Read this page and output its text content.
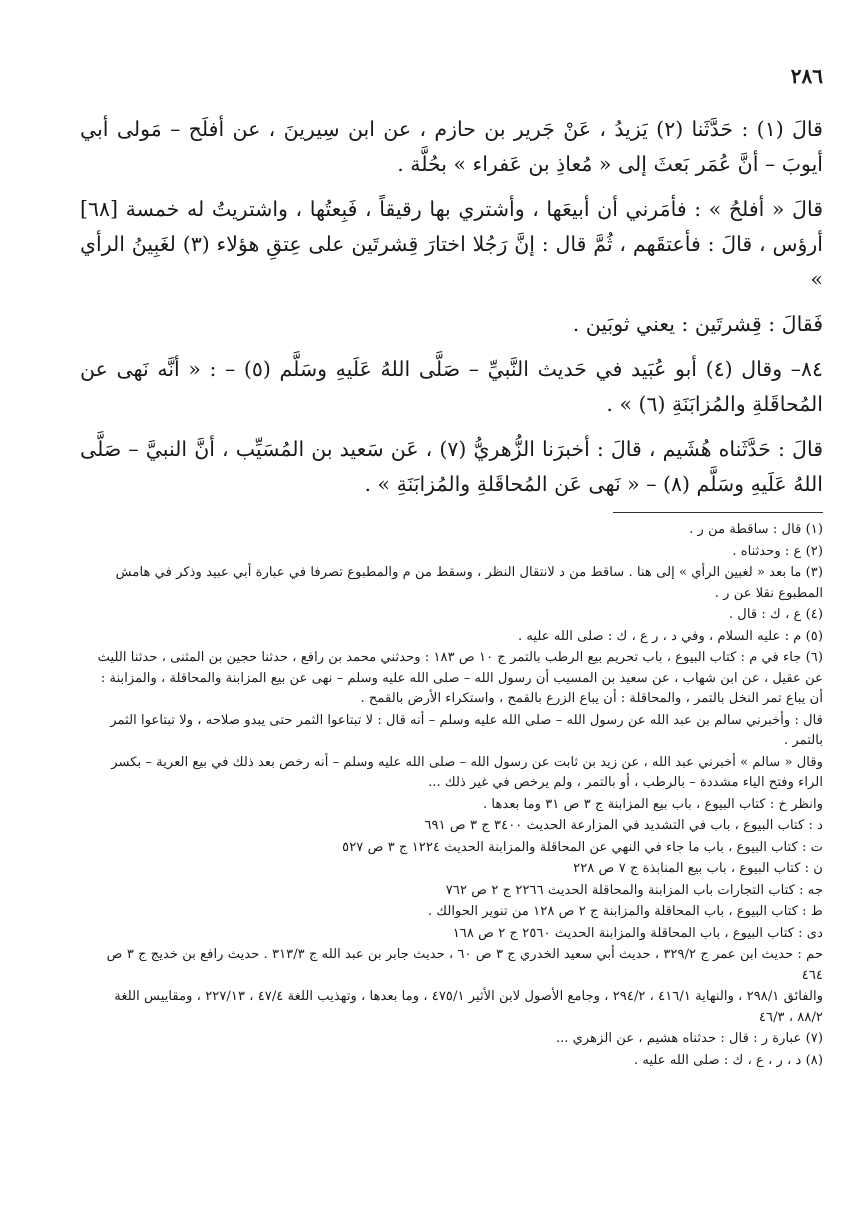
٢٨٦

قالَ (١) : حَدَّثَنا (٢) يَزيدُ ، عَنْ جَرير بن حازم ، عن ابن سِيرينَ ، عن أفلَح – مَولى أبي أيوبَ – أنَّ عُمَر بَعثَ إلى « مُعاذِ بن عَفراء » بحُلَّة .

قالَ « أفلحُ » : فأمَرني أن أبيعَها ، وأشتري بها رقيقاً ، فَبِعتُها ، واشتريتُ له خمسة [٦٨] أرؤس ، قالَ : فأعتقَهم ، ثُمَّ قال : إنَّ رَجُلا اختارَ قِشرتَين على عِتقِ هؤلاء (٣) لغَبِينُ الرأي »

فَقالَ : قِشرتَين : يعني ثوبَين .

٨٤– وقال (٤) أبو عُبَيد في حَديث النَّبيِّ – صَلَّى اللهُ عَلَيهِ وسَلَّم (٥) – : « أنَّه نَهى عن المُحاقَلةِ والمُزابَنَةِ (٦) » .

قالَ : حَدَّثَناه هُشَيم ، قالَ : أخبرَنا الزُّهريُّ (٧) ، عَن سَعيد بن المُسَيِّب ، أنَّ النبيَّ – صَلَّى اللهُ عَلَيهِ وسَلَّم (٨) – « نَهى عَن المُحاقَلةِ والمُزابَنَةِ » .

(١) قال : ساقطة من ر .

(٢) ع : وحدثناه .

(٣) ما بعد « لغبين الرأي » إلى هنا . ساقط من د لانتقال النظر ، وسقط من م والمطبوع تصرفا في عبارة أبي عبيد وذكر في هامش المطبوع نقلا عن ر .

(٤) ع ، ك : قال .

(٥) م : عليه السلام ، وفي د ، ر ع ، ك : صلى الله عليه .

(٦) جاء في م : كتاب البيوع ، باب تحريم بيع الرطب بالتمر ج ١٠ ص ١٨٣ : وحدثني محمد بن رافع ، حدثنا حجين بن المثنى ، حدثنا الليث عن عقيل ، عن ابن شهاب ، عن سعيد بن المسيب أن رسول الله – صلى الله عليه وسلم – نهى عن بيع المزابنة والمحاقلة ، والمزابنة : أن يباع تمر النخل بالتمر ، والمحاقلة : أن يباع الزرع بالقمح ، واستكراء الأرض بالقمح .

قال : وأخبرني سالم بن عبد الله عن رسول الله – صلى الله عليه وسلم – أنه قال : لا تبتاعوا الثمر حتى يبدو صلاحه ، ولا تبتاعوا الثمر بالتمر .

وقال « سالم » أخبرني عبد الله ، عن زيد بن ثابت عن رسول الله – صلى الله عليه وسلم – أنه رخص بعد ذلك في بيع العرية – بكسر الراء وفتح الياء مشددة – بالرطب ، أو بالتمر ، ولم يرخص في غير ذلك ...

وانظر خ : كتاب البيوع ، باب بيع المزابنة ج ٣ ص ٣١ وما بعدها .

د : كتاب البيوع ، باب في التشديد في المزارعة الحديث ٣٤٠٠ ج ٣ ص ٦٩١

ت : كتاب البيوع ، باب ما جاء في النهي عن المحاقلة والمزابنة الحديث ١٢٢٤ ج ٣ ص ٥٢٧

ن : كتاب البيوع ، باب بيع المنابذة ج ٧ ص ٢٢٨

جه : كتاب التجارات باب المزابنة والمحاقلة الحديث ٢٢٦٦ ج ٢ ص ٧٦٢

ط : كتاب البيوع ، باب المحاقلة والمزابنة ج ٢ ص ١٢٨ من تنوير الحوالك .

دى : كتاب البيوع ، باب المحاقلة والمزابنة الحديث ٢٥٦٠ ج ٢ ص ١٦٨

حم : حديث ابن عمر ج ٣٢٩/٢ ، حديث أبي سعيد الخدري ج ٣ ص ٦٠ ، حديث جابر بن عبد الله ج ٣١٣/٣ . حديث رافع بن خديج ج ٣ ص ٤٦٤

والفائق ٢٩٨/١ ، والنهاية ٤١٦/١ ، ٢٩٤/٢ ، وجامع الأصول لابن الأثير ٤٧٥/١ ، وما بعدها ، وتهذيب اللغة ٤٧/٤ ، ٢٢٧/١٣ ، ومقاييس اللغة ٨٨/٢ ، ٤٦/٣

(٧) عبارة ر : قال : حدثناه هشيم ، عن الزهري ...

(٨) د ، ر ، ع ، ك : صلى الله عليه .
